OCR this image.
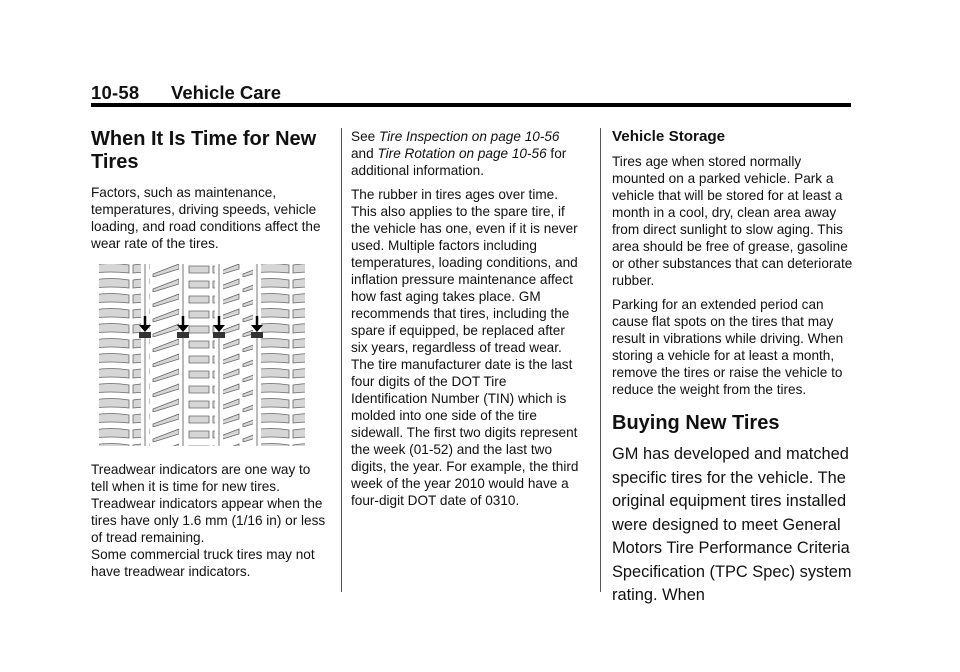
10-58 Vehicle Care
When It Is Time for New Tires

Factors, such as maintenance, temperatures, driving speeds, vehicle loading, and road conditions affect the wear rate of the tires.

Treadwear indicators are one way to tell when it is time for new tires. Treadwear indicators appear when the tires have only 1.6 mm (1/16 in) or less of tread remaining.

Some commercial truck tires may not have treadwear indicators.

See Tire Inspection on page 10-56 and Tire Rotation on page 10-56 for additional information.

The rubber in tires ages over time. This also applies to the spare tire, if the vehicle has one, even if it is never used. Multiple factors including temperatures, loading conditions, and inflation pressure maintenance affect how fast aging takes place. GM recommends that tires, including the spare if equipped, be replaced after six years, regardless of tread wear. The tire manufacturer date is the last four digits of the DOT Tire Identification Number (TIN) which is molded into one side of the tire sidewall. The first two digits represent the week (01-52) and the last two digits, the year. For example, the third week of the year 2010 would have a four-digit DOT date of 0310.

Vehicle Storage

Tires age when stored normally mounted on a parked vehicle. Park a vehicle that will be stored for at least a month in a cool, dry, clean area away from direct sunlight to slow aging. This area should be free of grease, gasoline or other substances that can deteriorate rubber.

Parking for an extended period can cause flat spots on the tires that may result in vibrations while driving. When storing a vehicle for at least a month, remove the tires or raise the vehicle to reduce the weight from the tires.

Buying New Tires

GM has developed and matched specific tires for the vehicle. The original equipment tires installed were designed to meet General Motors Tire Performance Criteria Specification (TPC Spec) system rating. When
